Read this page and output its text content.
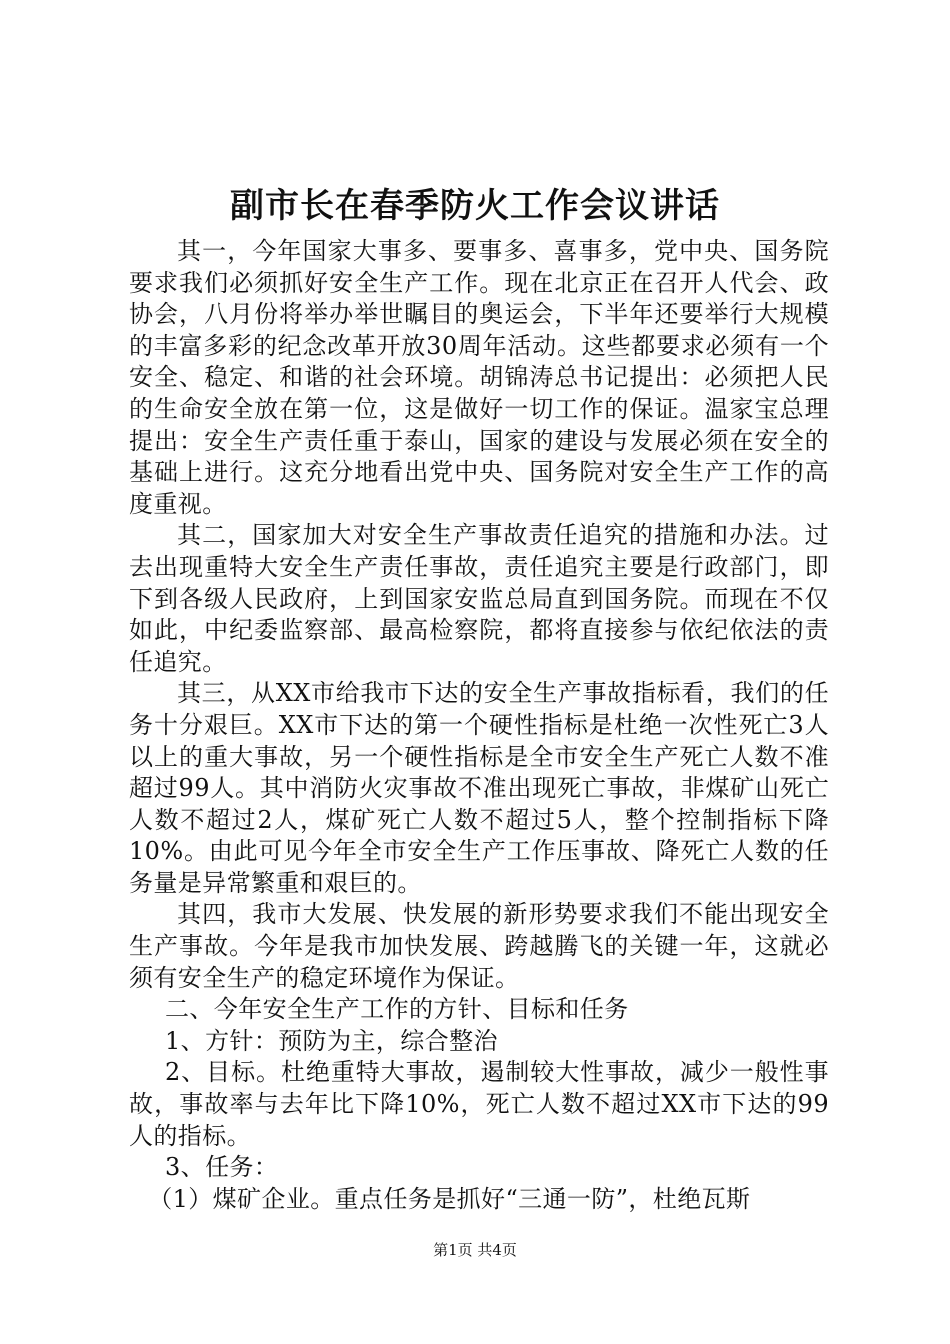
副市长在春季防火工作会议讲话

其一，今年国家大事多、要事多、喜事多，党中央、国务院要求我们必须抓好安全生产工作。现在北京正在召开人代会、政协会，八月份将举办举世瞩目的奥运会，下半年还要举行大规模的丰富多彩的纪念改革开放30周年活动。这些都要求必须有一个安全、稳定、和谐的社会环境。胡锦涛总书记提出：必须把人民的生命安全放在第一位，这是做好一切工作的保证。温家宝总理提出：安全生产责任重于泰山，国家的建设与发展必须在安全的基础上进行。这充分地看出党中央、国务院对安全生产工作的高度重视。

其二，国家加大对安全生产事故责任追究的措施和办法。过去出现重特大安全生产责任事故，责任追究主要是行政部门，即下到各级人民政府，上到国家安监总局直到国务院。而现在不仅如此，中纪委监察部、最高检察院，都将直接参与依纪依法的责任追究。

其三，从XX市给我市下达的安全生产事故指标看，我们的任务十分艰巨。XX市下达的第一个硬性指标是杜绝一次性死亡3人以上的重大事故，另一个硬性指标是全市安全生产死亡人数不准超过99人。其中消防火灾事故不准出现死亡事故，非煤矿山死亡人数不超过2人，煤矿死亡人数不超过5人，整个控制指标下降10%。由此可见今年全市安全生产工作压事故、降死亡人数的任务量是异常繁重和艰巨的。

其四，我市大发展、快发展的新形势要求我们不能出现安全生产事故。今年是我市加快发展、跨越腾飞的关键一年，这就必须有安全生产的稳定环境作为保证。

二、今年安全生产工作的方针、目标和任务

1、方针：预防为主，综合整治

2、目标。杜绝重特大事故，遏制较大性事故，减少一般性事故，事故率与去年比下降10%，死亡人数不超过XX市下达的99人的指标。

3、任务：

（1）煤矿企业。重点任务是抓好“三通一防”，杜绝瓦斯

第1页 共4页
